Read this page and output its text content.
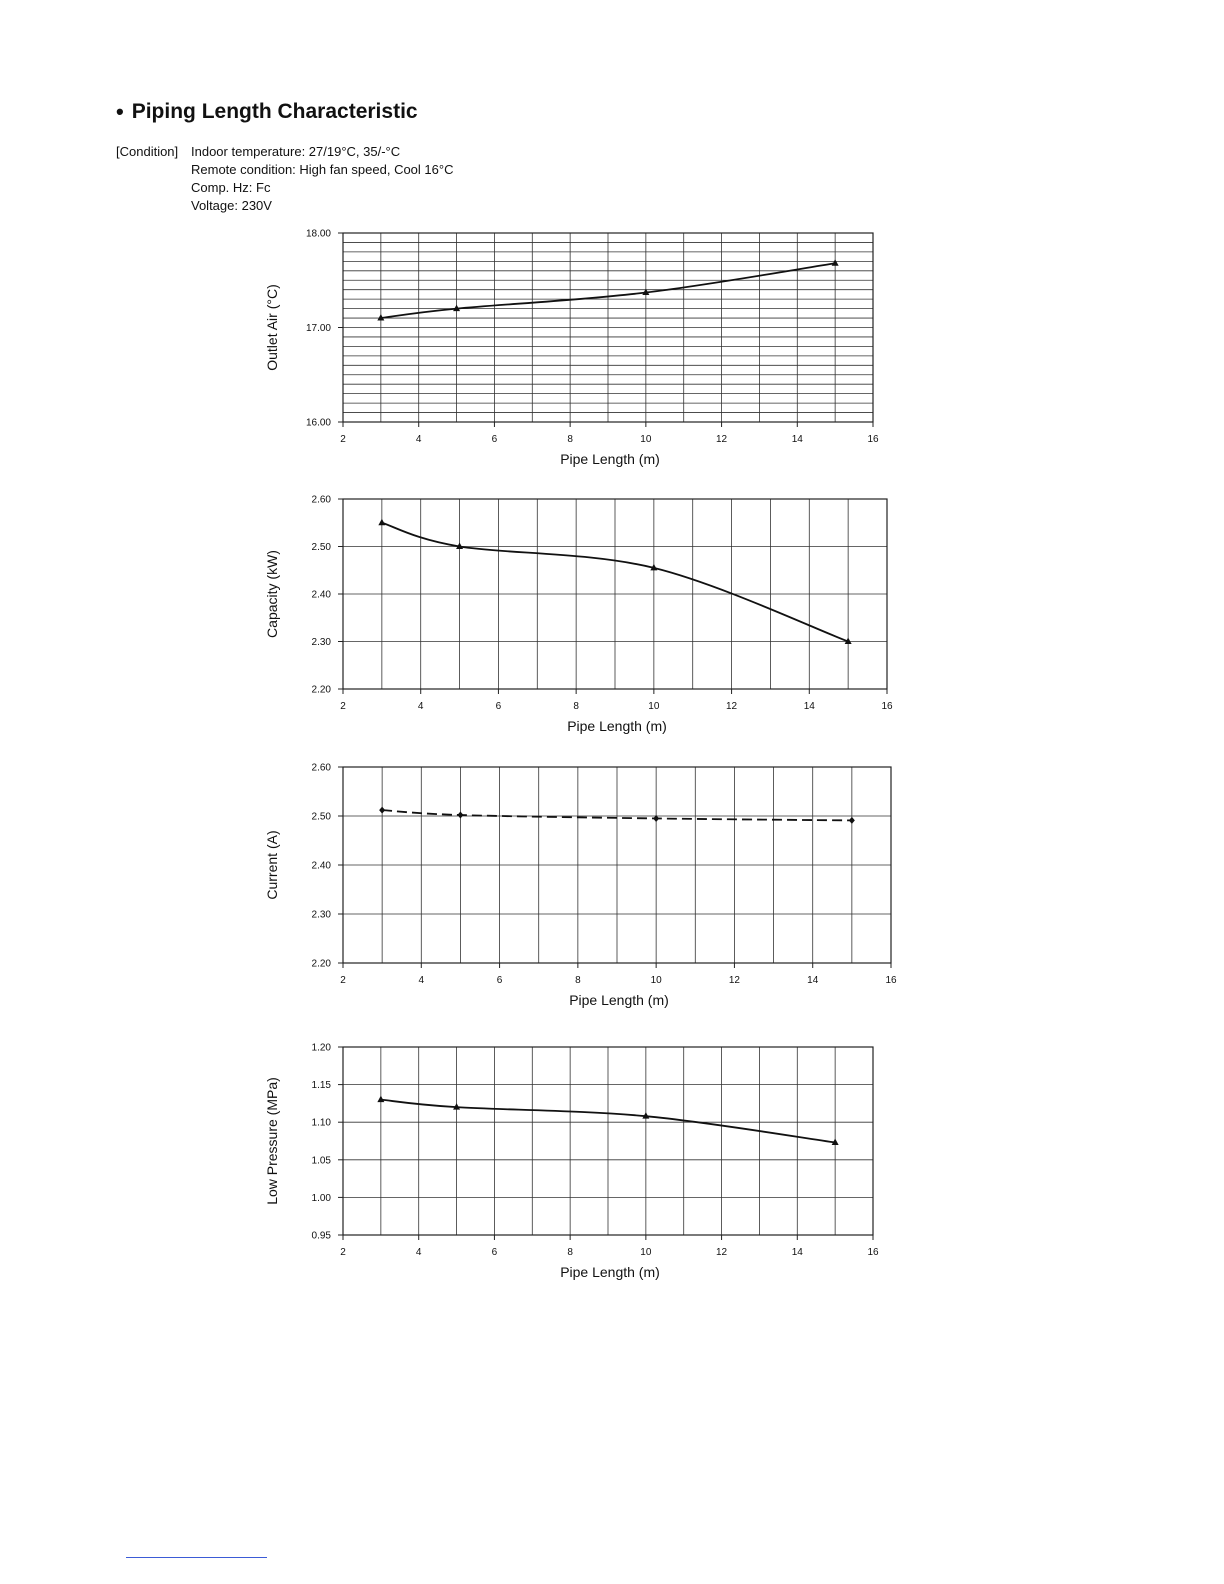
• Piping Length Characteristic
[Condition] Indoor temperature: 27/19°C, 35/-°C
Remote condition: High fan speed, Cool 16°C
Comp. Hz: Fc
Voltage: 230V
16.00
17.00
18.00
2	4	6	8	10	12	14	16
Pipe Length (m)
Outlet Air (°C)
2.20
2.30
2.40
2.50
2.60
2	4	6	8	10	12	14	16
Pipe Length (m)
Capacity (kW)
2.20
2.30
2.40
2.50
2.60
2	4	6	8	10	12	14	16
Pipe Length (m)
Current (A)
0.95
1.00
1.05
1.10
1.15
1.20
2	4	6	8	10	12	14	16
Pipe Length (m)
Low Pressure (MPa)
